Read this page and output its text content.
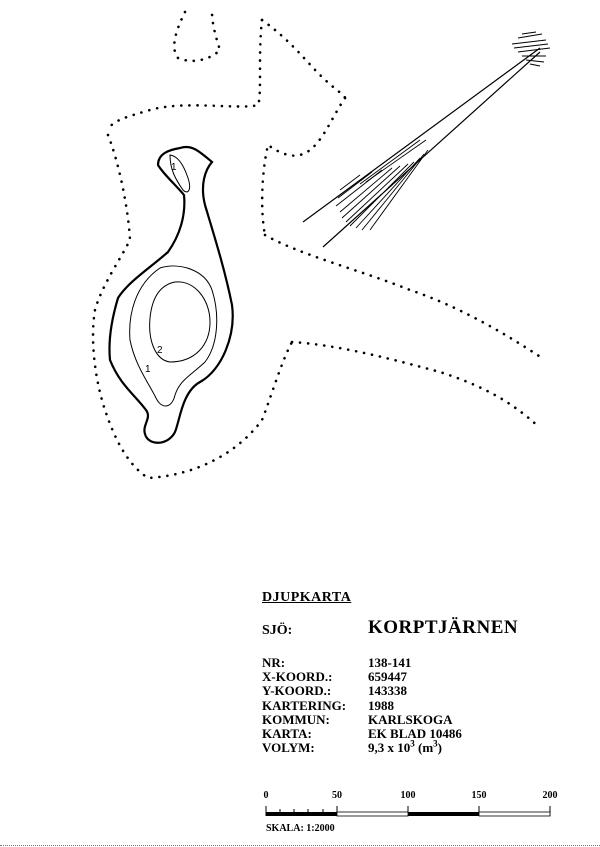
1
1
2
DJUPKARTA
SJÖ:	KORPTJÄRNEN
NR:	138-141
X-KOORD.:	659447
Y-KOORD.:	143338
KARTERING:	1988
KOMMUN:	KARLSKOGA
KARTA:	EK BLAD 10486
VOLYM:	9,3 x $10^3$ $(m^3)$
0	50	100	150	200
SKALA: 1:2000
